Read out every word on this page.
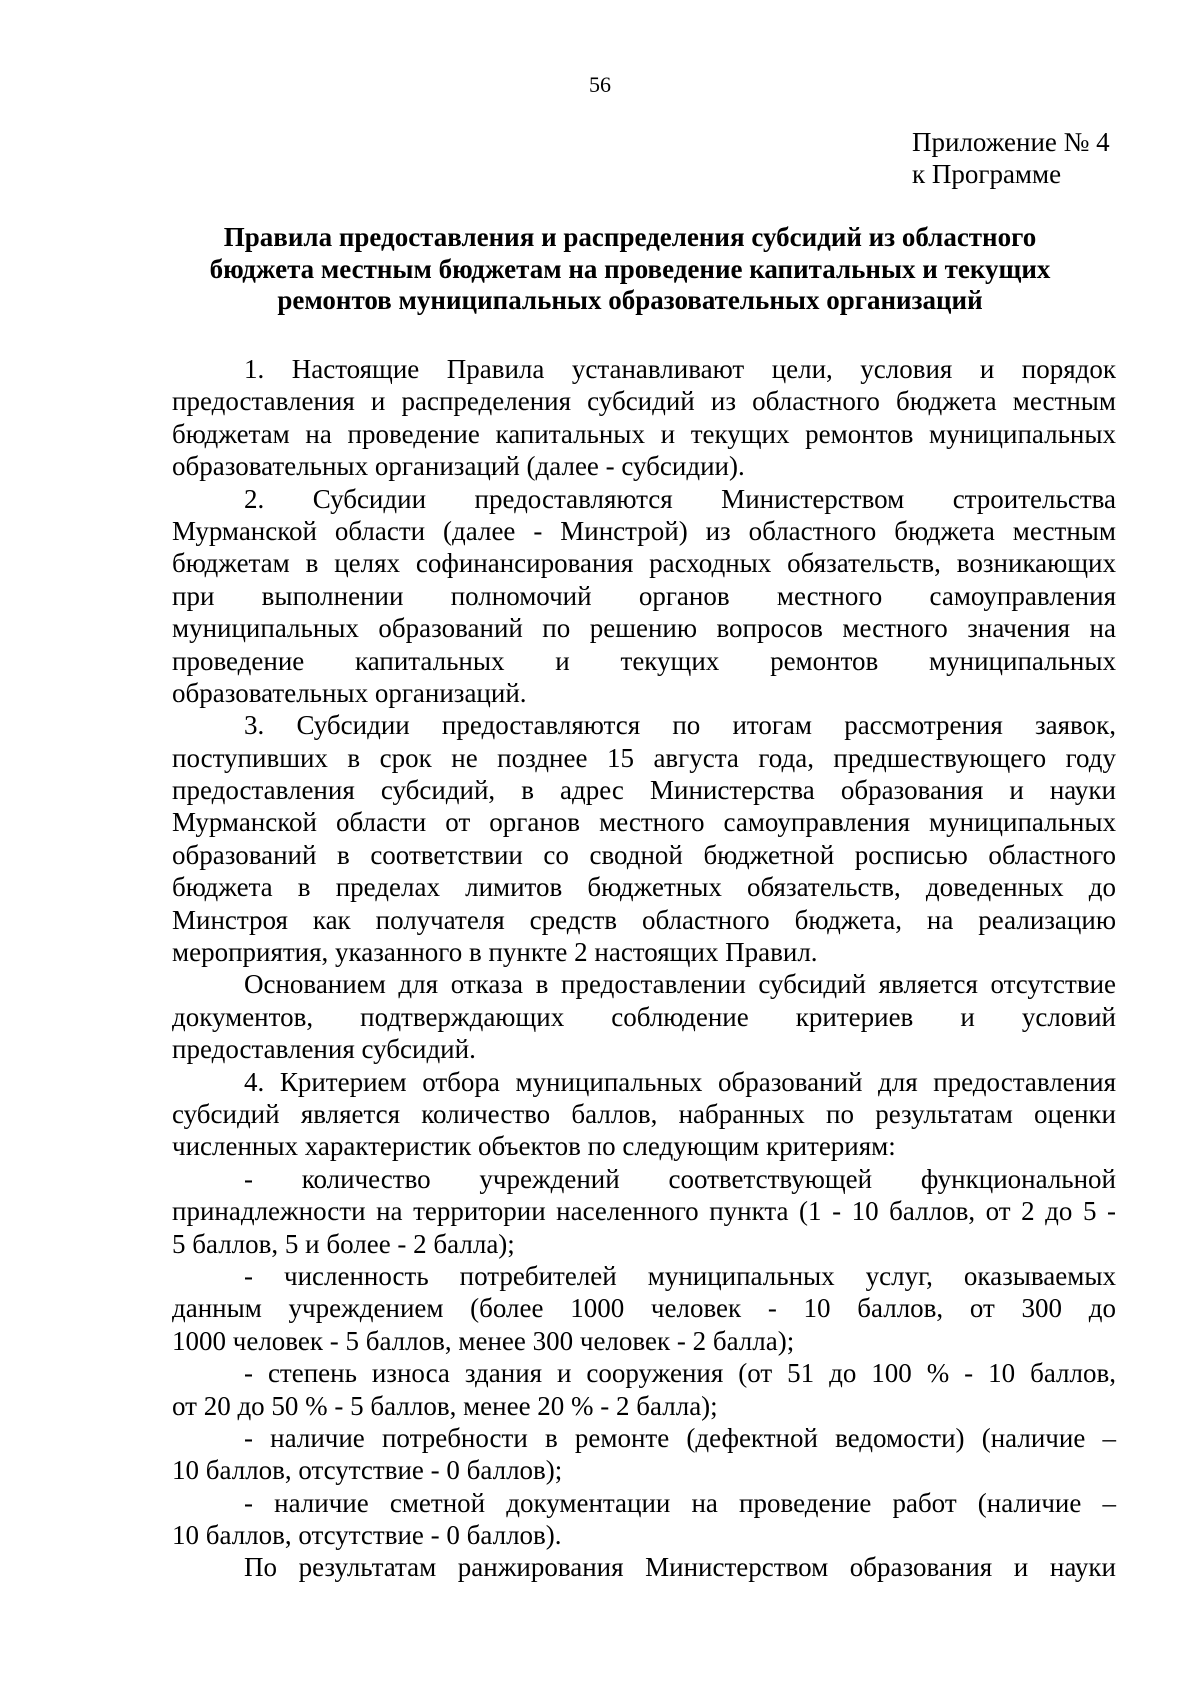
56
Приложение № 4
к Программе
Правила предоставления и распределения субсидий из областного
бюджета местным бюджетам на проведение капитальных и текущих
ремонтов муниципальных образовательных организаций
1. Настоящие Правила устанавливают цели, условия и порядок
предоставления и распределения субсидий из областного бюджета местным
бюджетам на проведение капитальных и текущих ремонтов муниципальных
образовательных организаций (далее - субсидии).
2. Субсидии предоставляются Министерством строительства
Мурманской области (далее - Минстрой) из областного бюджета местным
бюджетам в целях софинансирования расходных обязательств, возникающих
при выполнении полномочий органов местного самоуправления
муниципальных образований по решению вопросов местного значения на
проведение капитальных и текущих ремонтов муниципальных
образовательных организаций.
3. Субсидии предоставляются по итогам рассмотрения заявок,
поступивших в срок не позднее 15 августа года, предшествующего году
предоставления субсидий, в адрес Министерства образования и науки
Мурманской области от органов местного самоуправления муниципальных
образований в соответствии со сводной бюджетной росписью областного
бюджета в пределах лимитов бюджетных обязательств, доведенных до
Минстроя как получателя средств областного бюджета, на реализацию
мероприятия, указанного в пункте 2 настоящих Правил.
Основанием для отказа в предоставлении субсидий является отсутствие
документов, подтверждающих соблюдение критериев и условий
предоставления субсидий.
4. Критерием отбора муниципальных образований для предоставления
субсидий является количество баллов, набранных по результатам оценки
численных характеристик объектов по следующим критериям:
- количество учреждений соответствующей функциональной
принадлежности на территории населенного пункта (1 - 10 баллов, от 2 до 5 -
5 баллов, 5 и более - 2 балла);
- численность потребителей муниципальных услуг, оказываемых
данным учреждением (более 1000 человек - 10 баллов, от 300 до
1000 человек - 5 баллов, менее 300 человек - 2 балла);
- степень износа здания и сооружения (от 51 до 100 % - 10 баллов,
от 20 до 50 % - 5 баллов, менее 20 % - 2 балла);
- наличие потребности в ремонте (дефектной ведомости) (наличие –
10 баллов, отсутствие - 0 баллов);
- наличие сметной документации на проведение работ (наличие –
10 баллов, отсутствие - 0 баллов).
По результатам ранжирования Министерством образования и науки
